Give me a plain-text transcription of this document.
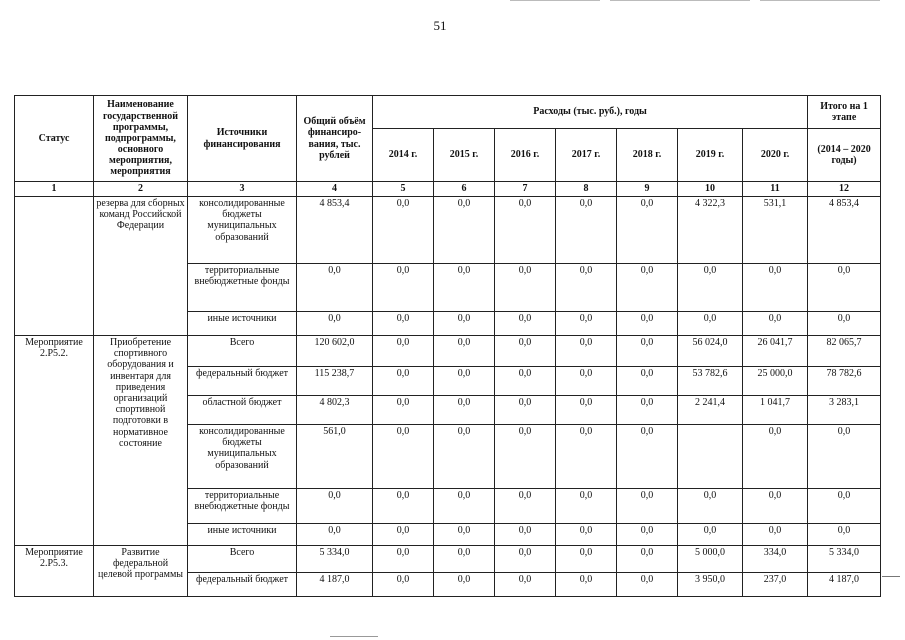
51
Статус	Наименование государственной программы, подпрограммы, основного мероприятия, мероприятия	Источники финансирования	Общий объём финансиро-вания, тыс. рублей	Расходы (тыс. руб.), годы							Итого на 1 этапе
				2014 г.	2015 г.	2016 г.	2017 г.	2018 г.	2019 г.	2020 г.	(2014 – 2020 годы)
1	2	3	4	5	6	7	8	9	10	11	12
	резерва для сборных команд Российской Федерации	консолидированные бюджеты муниципальных образований	4 853,4	0,0	0,0	0,0	0,0	0,0	4 322,3	531,1	4 853,4
		территориальные внебюджетные фонды	0,0	0,0	0,0	0,0	0,0	0,0	0,0	0,0	0,0
		иные источники	0,0	0,0	0,0	0,0	0,0	0,0	0,0	0,0	0,0
Мероприятие 2.Р5.2.	Приобретение спортивного оборудования и инвентаря для приведения организаций спортивной подготовки в нормативное состояние	Всего	120 602,0	0,0	0,0	0,0	0,0	0,0	56 024,0	26 041,7	82 065,7
		федеральный бюджет	115 238,7	0,0	0,0	0,0	0,0	0,0	53 782,6	25 000,0	78 782,6
		областной бюджет	4 802,3	0,0	0,0	0,0	0,0	0,0	2 241,4	1 041,7	3 283,1
		консолидированные бюджеты муниципальных образований	561,0	0,0	0,0	0,0	0,0	0,0		0,0	0,0
		территориальные внебюджетные фонды	0,0	0,0	0,0	0,0	0,0	0,0	0,0	0,0	0,0
		иные источники	0,0	0,0	0,0	0,0	0,0	0,0	0,0	0,0	0,0
Мероприятие 2.Р5.3.	Развитие федеральной целевой программы	Всего	5 334,0	0,0	0,0	0,0	0,0	0,0	5 000,0	334,0	5 334,0
		федеральный бюджет	4 187,0	0,0	0,0	0,0	0,0	0,0	3 950,0	237,0	4 187,0
